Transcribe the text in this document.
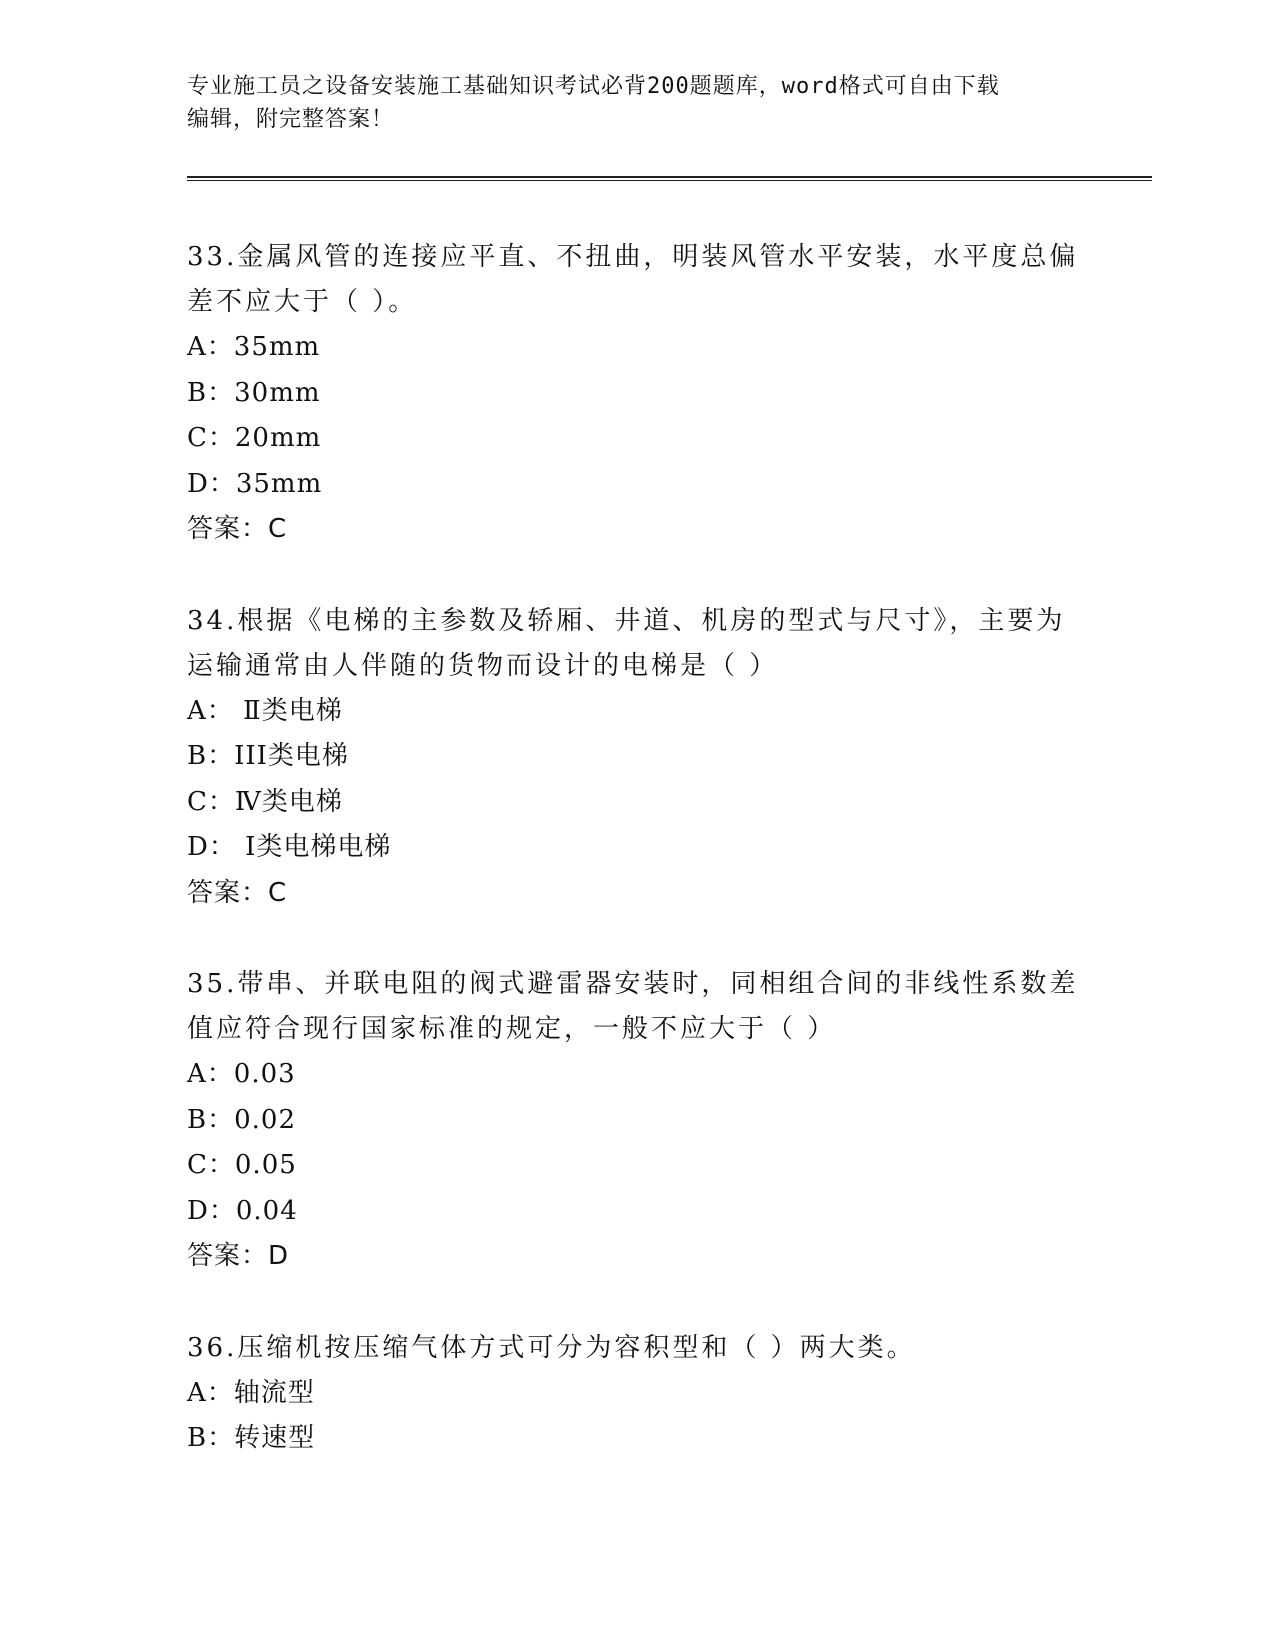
专业施工员之设备安装施工基础知识考试必背200题题库，word格式可自由下载
编辑，附完整答案！
33.金属风管的连接应平直、不扭曲，明装风管水平安装，水平度总偏
差不应大于（ ）。
A：35mm
B：30mm
C：20mm
D：35mm
答案：C
34.根据《电梯的主参数及轿厢、井道、机房的型式与尺寸》，主要为
运输通常由人伴随的货物而设计的电梯是（ ）
A： Ⅱ类电梯
B：III类电梯
C：Ⅳ类电梯
D： Ⅰ类电梯电梯
答案：C
35.带串、并联电阻的阀式避雷器安装时，同相组合间的非线性系数差
值应符合现行国家标准的规定，一般不应大于（ ）
A：0.03
B：0.02
C：0.05
D：0.04
答案：D
36.压缩机按压缩气体方式可分为容积型和（ ）两大类。
A：轴流型
B：转速型
